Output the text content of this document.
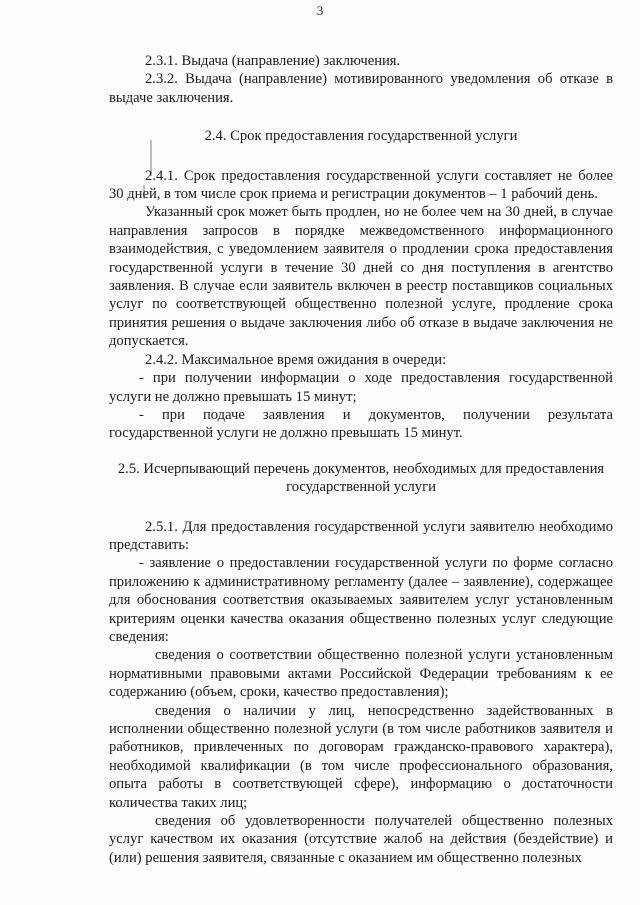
3

2.3.1. Выдача (направление) заключения.

2.3.2. Выдача (направление) мотивированного уведомления об отказе в выдаче заключения.

2.4. Срок предоставления государственной услуги

2.4.1. Срок предоставления государственной услуги составляет не более 30 дней, в том числе срок приема и регистрации документов – 1 рабочий день.

Указанный срок может быть продлен, но не более чем на 30 дней, в случае направления запросов в порядке межведомственного информационного взаимодействия, с уведомлением заявителя о продлении срока предоставления государственной услуги в течение 30 дней со дня поступления в агентство заявления. В случае если заявитель включен в реестр поставщиков социальных услуг по соответствующей общественно полезной услуге, продление срока принятия решения о выдаче заключения либо об отказе в выдаче заключения не допускается.

2.4.2. Максимальное время ожидания в очереди:

- при получении информации о ходе предоставления государственной услуги не должно превышать 15 минут;

- при подаче заявления и документов, получении результата государственной услуги не должно превышать 15 минут.

2.5. Исчерпывающий перечень документов, необходимых для предоставления государственной услуги

2.5.1. Для предоставления государственной услуги заявителю необходимо представить:

- заявление о предоставлении государственной услуги по форме согласно приложению к административному регламенту (далее – заявление), содержащее для обоснования соответствия оказываемых заявителем услуг установленным критериям оценки качества оказания общественно полезных услуг следующие сведения:

сведения о соответствии общественно полезной услуги установленным нормативными правовыми актами Российской Федерации требованиям к ее содержанию (объем, сроки, качество предоставления);

сведения о наличии у лиц, непосредственно задействованных в исполнении общественно полезной услуги (в том числе работников заявителя и работников, привлеченных по договорам гражданско-правового характера), необходимой квалификации (в том числе профессионального образования, опыта работы в соответствующей сфере), информацию о достаточности количества таких лиц;

сведения об удовлетворенности получателей общественно полезных услуг качеством их оказания (отсутствие жалоб на действия (бездействие) и (или) решения заявителя, связанные с оказанием им общественно полезных
